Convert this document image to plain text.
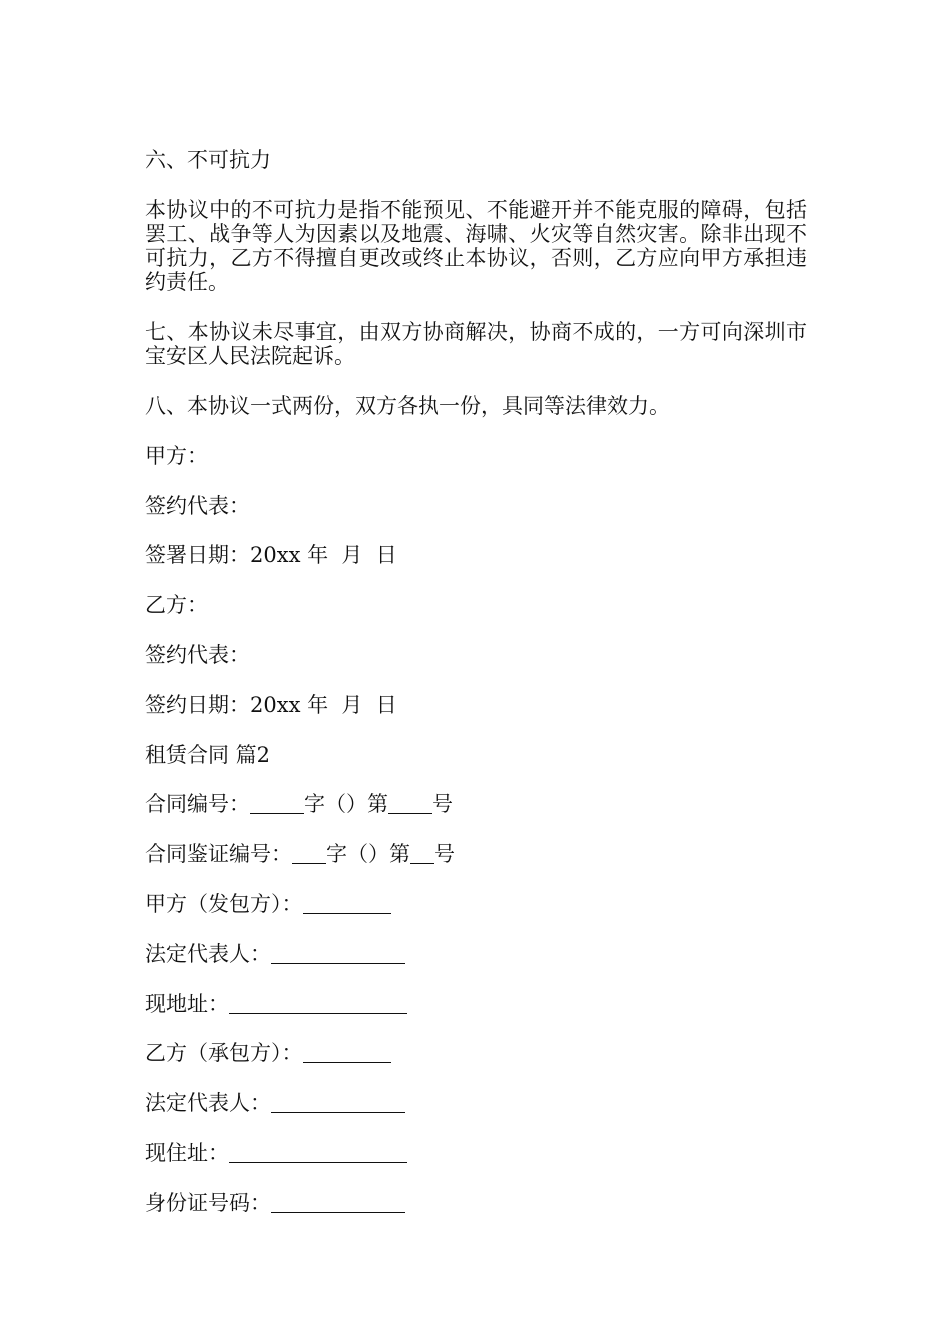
六、不可抗力
本协议中的不可抗力是指不能预见、不能避开并不能克服的障碍，包括罢工、战争等人为因素以及地震、海啸、火灾等自然灾害。除非出现不可抗力，乙方不得擅自更改或终止本协议，否则，乙方应向甲方承担违约责任。
七、本协议未尽事宜，由双方协商解决，协商不成的，一方可向深圳市宝安区人民法院起诉。
八、本协议一式两份，双方各执一份，具同等法律效力。
甲方：
签约代表：
签署日期：20xx 年  月  日
乙方：
签约代表：
签约日期：20xx 年  月  日
租赁合同 篇2
合同编号：	字（）第 号
合同鉴证编号： 字（）第 号
甲方（发包方）：
法定代表人：
现地址：
乙方（承包方）：
法定代表人：
现住址：
身份证号码：
